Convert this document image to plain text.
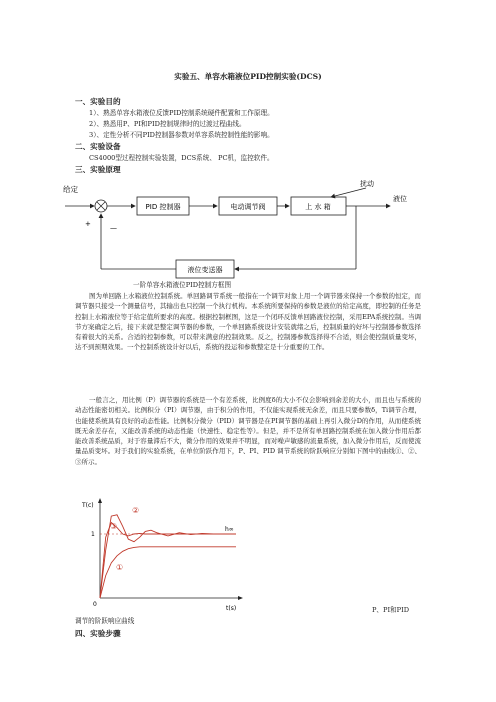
实验五、单容水箱液位PID控制实验(DCS)
一、实验目的
1）、熟悉单容水箱液位反馈PID控制系统硬件配置和工作原理。
2）、熟悉用P、PI和PID控制规律时的过渡过程曲线。
3）、定性分析不同PID控制器参数对单容系统控制性能的影响。
二、实验设备
CS4000型过程控制实验装置，DCS系统、 PC机，监控软件。
三、实验原理
给定
+	—
PID 控制器	电动调节阀	上 水 箱
扰动
液位
液位变送器
一阶单容水箱液位PID控制方框图
图为单回路上水箱液位控制系统。单回路调节系统一般指在一个调节对象上用一个调节器来保持一个参数的恒定，而调节器只接受一个测量信号，其输出也只控制一个执行机构。本系统所要保持的参数是液位的给定高度，即控制的任务是控制上水箱液位等于给定值所要求的高度。根据控制框图，这是一个闭环反馈单回路液位控制，采用EPA系统控制。当调节方案确定之后，接下来就是整定调节器的参数，一个单回路系统设计安装就绪之后，控制质量的好坏与控制器参数选择有着很大的关系。合适的控制参数，可以带来满意的控制效果。反之，控制器参数选择得不合适，则会使控制质量变坏，达不到预期效果。一个控制系统设计好以后，系统的投运和参数整定是十分重要的工作。
一般言之，用比例（P）调节器的系统是一个有差系统，比例度δ的大小不仅会影响到余差的大小，而且也与系统的动态性能密切相关。比例积分（PI）调节器，由于积分的作用，不仅能实现系统无余差，而且只要参数δ，Ti调节合理，也能使系统具有良好的动态性能。比例积分微分（PID）调节器是在PI调节器的基础上再引入微分D的作用，从而使系统既无余差存在，又能改善系统的动态性能（快速性、稳定性等）。但是，并不是所有单回路控制系统在加入微分作用后都能改善系统品质，对于容量滞后不大，微分作用的效果并不明显，而对噪声敏感的流量系统，加入微分作用后，反而使流量品质变坏。对于我们的实验系统，在单位阶跃作用下，P、PI、PID 调节系统的阶跃响应分别如下图中的曲线①、②、③所示。
T(c)
t(s)
1
0
h∞
②
③
①
P、PI和PID
调节的阶跃响应曲线
四、实验步骤
